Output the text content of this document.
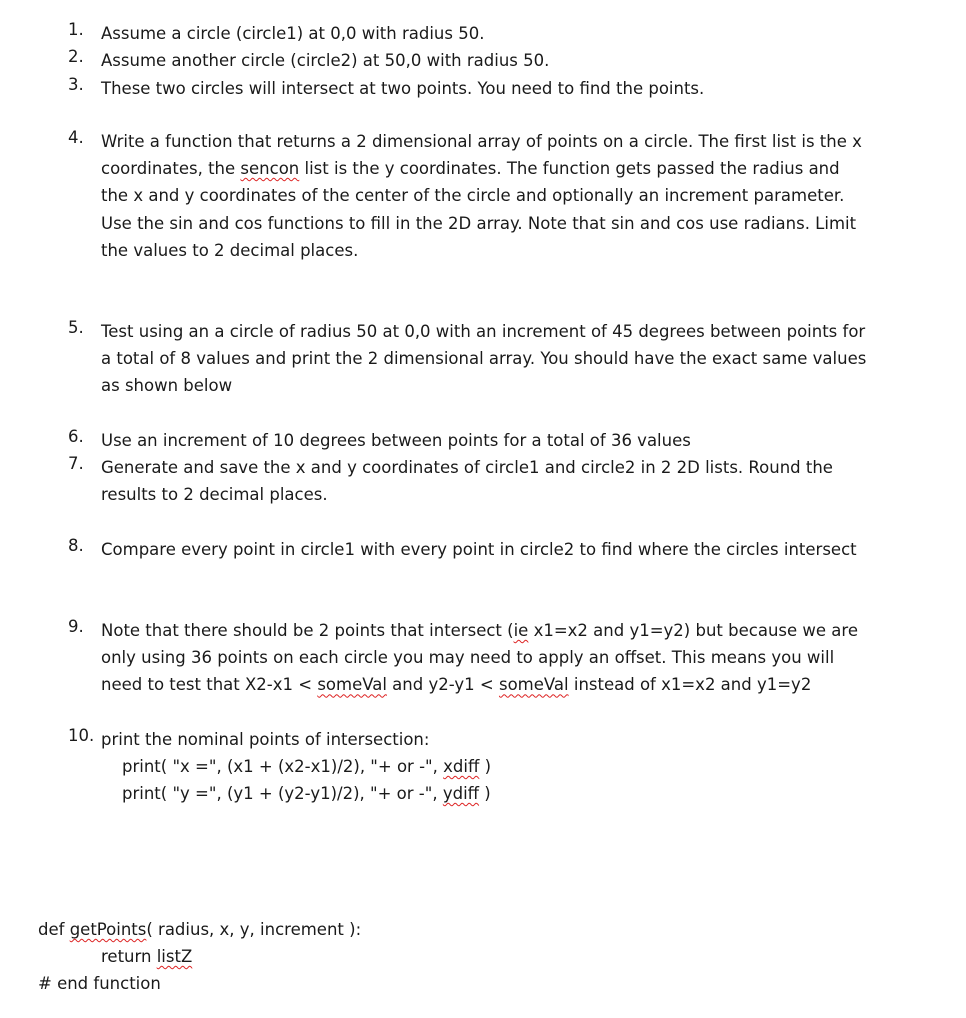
1.	Assume a circle (circle1) at 0,0 with radius 50.
2.	Assume another circle (circle2) at 50,0 with radius 50.
3.	These two circles will intersect at two points. You need to find the points.
4.	Write a function that returns a 2 dimensional array of points on a circle. The first list is the x coordinates, the sencon list is the y coordinates. The function gets passed the radius and the x and y coordinates of the center of the circle and optionally an increment parameter. Use the sin and cos functions to fill in the 2D array. Note that sin and cos use radians. Limit the values to 2 decimal places.
5.	Test using an a circle of radius 50 at 0,0 with an increment of 45 degrees between points for a total of 8 values and print the 2 dimensional array. You should have the exact same values as shown below
6.	Use an increment of 10 degrees between points for a total of 36 values
7.	Generate and save the x and y coordinates of circle1 and circle2 in 2 2D lists. Round the results to 2 decimal places.
8.	Compare every point in circle1 with every point in circle2 to find where the circles intersect
9.	Note that there should be 2 points that intersect (ie x1=x2 and y1=y2) but because we are only using 36 points on each circle you may need to apply an offset. This means you will need to test that X2-x1 < someVal and y2-y1 < someVal instead of x1=x2 and y1=y2
10. print the nominal points of intersection:
print( "x =", (x1 + (x2-x1)/2), "+ or -", xdiff )
print( "y =", (y1 + (y2-y1)/2), "+ or -", ydiff )
def getPoints( radius, x, y, increment ):
return listZ
# end function
